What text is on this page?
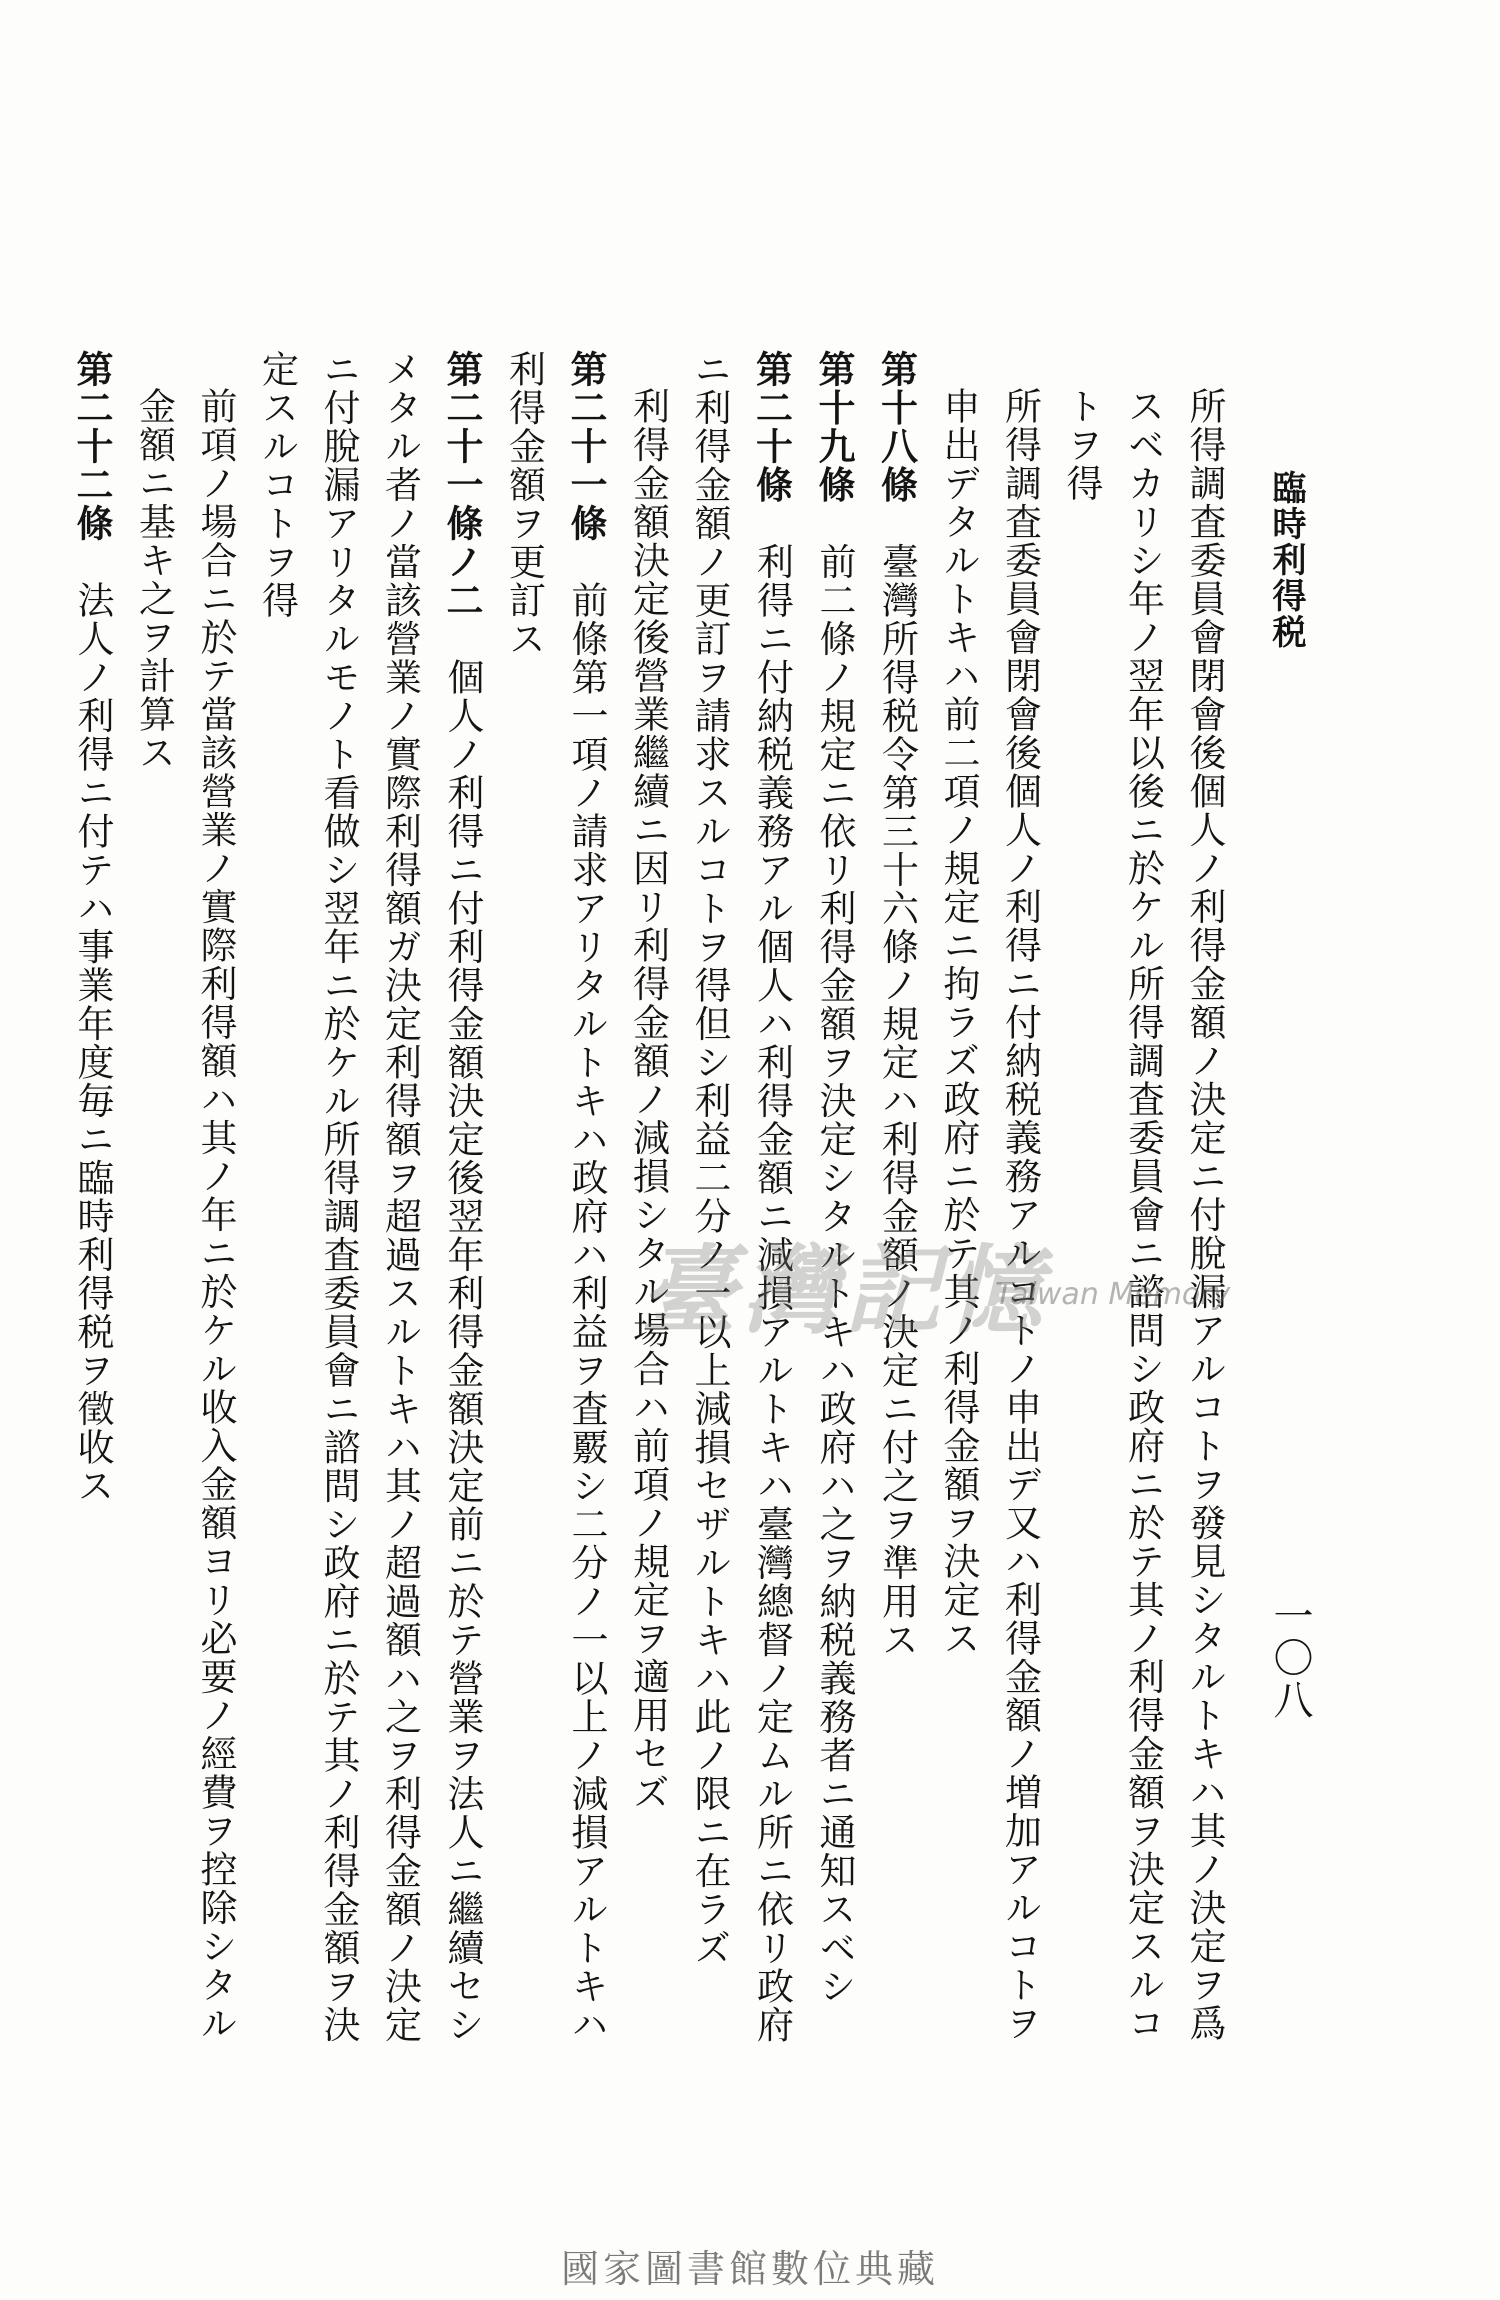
臨時利得税
一〇八

所得調査委員會閉會後個人ノ利得金額ノ決定ニ付脫漏アルコトヲ發見シタルトキハ其ノ決定ヲ爲スベカリシ年ノ翌年以後ニ於ケル所得調査委員會ニ諮問シ政府ニ於テ其ノ利得金額ヲ決定スルコトヲ得

所得調査委員會閉會後個人ノ利得ニ付納税義務アルコトノ申出デ又ハ利得金額ノ増加アルコトヲ申出デタルトキハ前二項ノ規定ニ拘ラズ政府ニ於テ其ノ利得金額ヲ決定ス

第十八條　臺灣所得税令第三十六條ノ規定ハ利得金額ノ決定ニ付之ヲ準用ス

第十九條　前二條ノ規定ニ依リ利得金額ヲ決定シタルトキハ政府ハ之ヲ納税義務者ニ通知スベシ

第二十條　利得ニ付納税義務アル個人ハ利得金額ニ減損アルトキハ臺灣總督ノ定ムル所ニ依リ政府ニ利得金額ノ更訂ヲ請求スルコトヲ得但シ利益二分ノ一以上減損セザルトキハ此ノ限ニ在ラズ

利得金額決定後營業繼續ニ因リ利得金額ノ減損シタル場合ハ前項ノ規定ヲ適用セズ

第二十一條　前條第一項ノ請求アリタルトキハ政府ハ利益ヲ査覈シ二分ノ一以上ノ減損アルトキハ利得金額ヲ更訂ス

第二十一條ノ二　個人ノ利得ニ付利得金額決定後翌年利得金額決定前ニ於テ營業ヲ法人ニ繼續セシメタル者ノ當該營業ノ實際利得額ガ決定利得額ヲ超過スルトキハ其ノ超過額ハ之ヲ利得金額ノ決定ニ付脫漏アリタルモノト看做シ翌年ニ於ケル所得調査委員會ニ諮問シ政府ニ於テ其ノ利得金額ヲ決定スルコトヲ得

前項ノ場合ニ於テ當該營業ノ實際利得額ハ其ノ年ニ於ケル收入金額ヨリ必要ノ經費ヲ控除シタル金額ニ基キ之ヲ計算ス

第二十二條　法人ノ利得ニ付テハ事業年度毎ニ臨時利得税ヲ徵收ス	臺灣記憶
Taiwan Memory
國家圖書館數位典藏
